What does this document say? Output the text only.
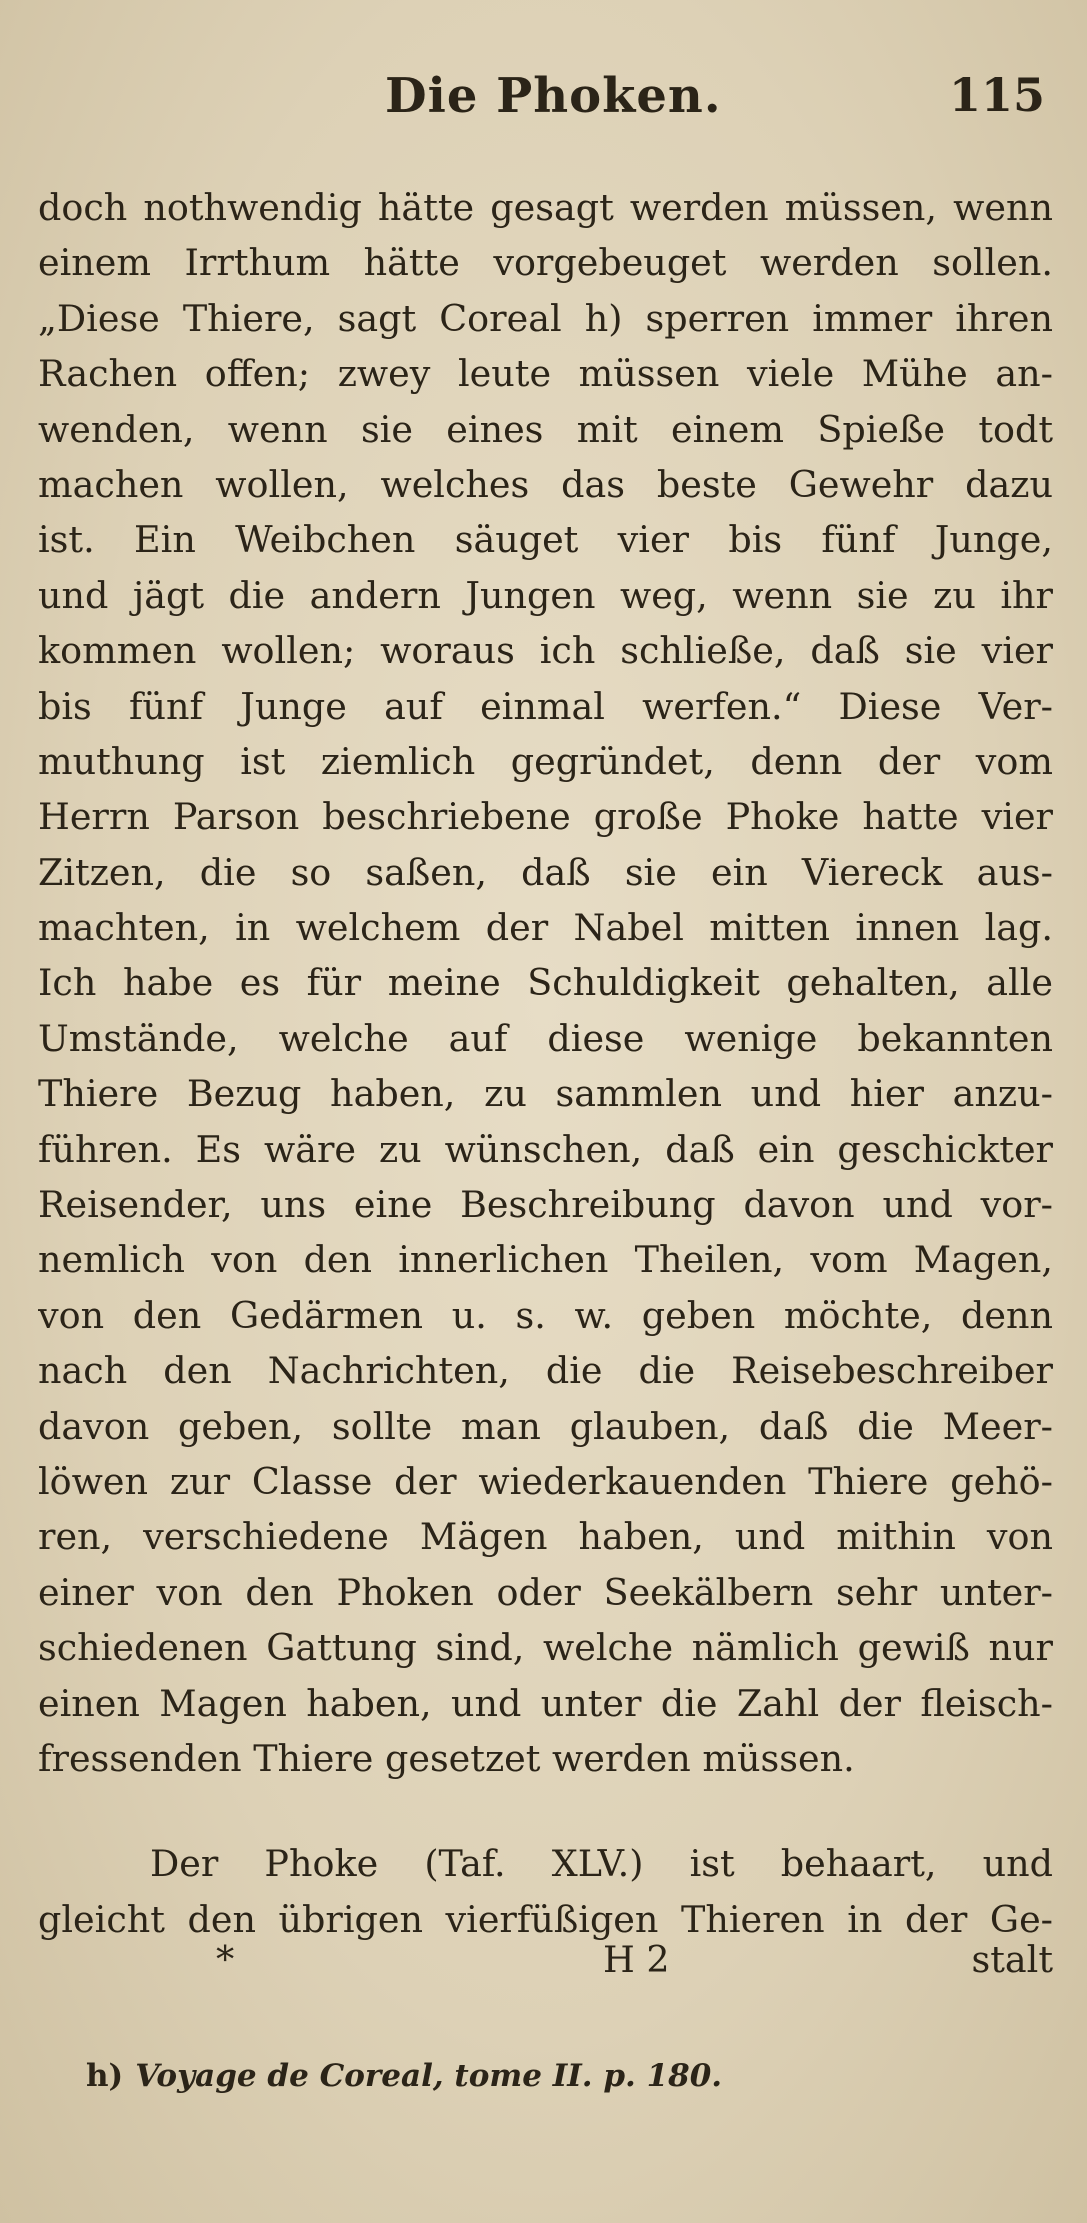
Die Phoken.	115
doch nothwendig hätte gesagt werden müssen, wenn
einem Irrthum hätte vorgebeuget werden sollen.
„Diese Thiere, sagt Coreal h) sperren immer ihren
Rachen offen; zwey leute müssen viele Mühe an-
wenden, wenn sie eines mit einem Spieße todt
machen wollen, welches das beste Gewehr dazu
ist. Ein Weibchen säuget vier bis fünf Junge,
und jägt die andern Jungen weg, wenn sie zu ihr
kommen wollen; woraus ich schließe, daß sie vier
bis fünf Junge auf einmal werfen.“ Diese Ver-
muthung ist ziemlich gegründet, denn der vom
Herrn Parson beschriebene große Phoke hatte vier
Zitzen, die so saßen, daß sie ein Viereck aus-
machten, in welchem der Nabel mitten innen lag.
Ich habe es für meine Schuldigkeit gehalten, alle
Umstände, welche auf diese wenige bekannten
Thiere Bezug haben, zu sammlen und hier anzu-
führen. Es wäre zu wünschen, daß ein geschickter
Reisender, uns eine Beschreibung davon und vor-
nemlich von den innerlichen Theilen, vom Magen,
von den Gedärmen u. s. w. geben möchte, denn
nach den Nachrichten, die die Reisebeschreiber
davon geben, sollte man glauben, daß die Meer-
löwen zur Classe der wiederkauenden Thiere gehö-
ren, verschiedene Mägen haben, und mithin von
einer von den Phoken oder Seekälbern sehr unter-
schiedenen Gattung sind, welche nämlich gewiß nur
einen Magen haben, und unter die Zahl der fleisch-
fressenden Thiere gesetzet werden müssen.
Der Phoke (Taf. XLV.) ist behaart, und
gleicht den übrigen vierfüßigen Thieren in der Ge-
*	H 2	stalt
h) Voyage de Coreal, tome II. p. 180.
